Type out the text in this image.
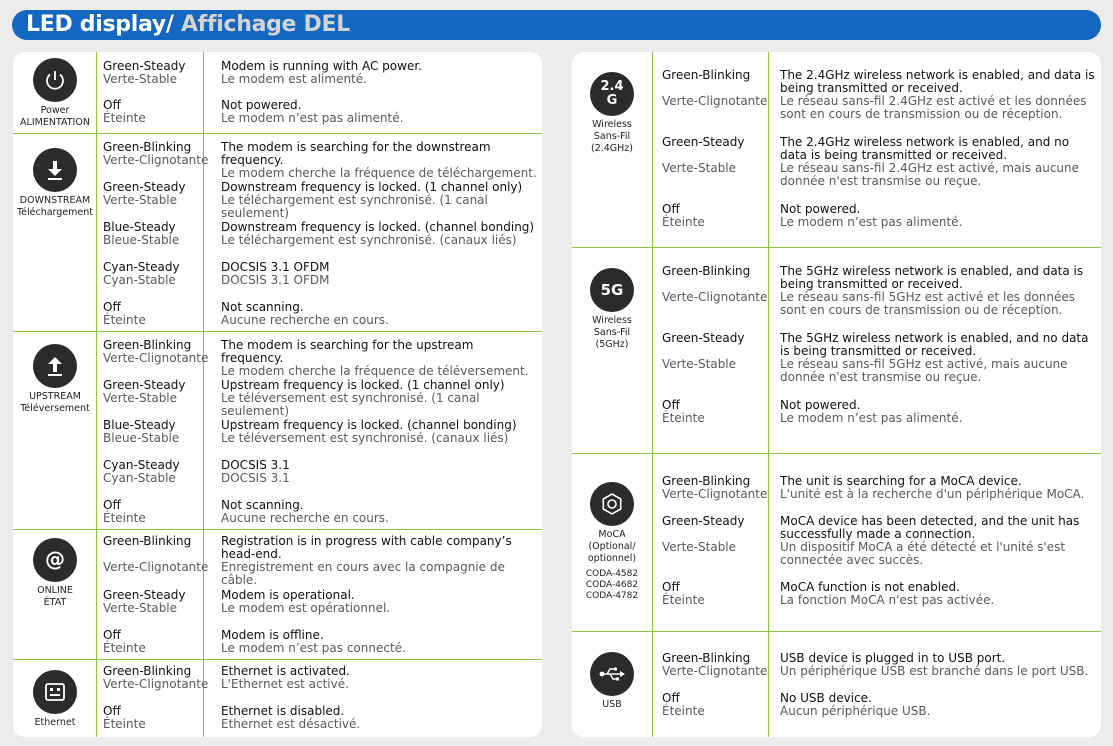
LED display/ Affichage DEL
Power
ALIMENTATION
Green-Steady
Verte-Stable
Modem is running with AC power.
Le modem est alimenté.
Off
Éteinte
Not powered.
Le modem n’est pas alimenté.
DOWNSTREAM
Téléchargement
Green-Blinking
Verte-Clignotante
The modem is searching for the downstream frequency.
Le modem cherche la fréquence de téléchargement.
Green-Steady
Verte-Stable
Downstream frequency is locked. (1 channel only)
Le téléchargement est synchronisé. (1 canal seulement)
Blue-Steady
Bleue-Stable
Downstream frequency is locked. (channel bonding)
Le téléchargement est synchronisé. (canaux liés)
Cyan-Steady
Cyan-Stable
DOCSIS 3.1 OFDM
DOCSIS 3.1 OFDM
Off
Éteinte
Not scanning.
Aucune recherche en cours.
UPSTREAM
Téléversement
Green-Blinking
Verte-Clignotante
The modem is searching for the upstream frequency.
Le modem cherche la fréquence de téléversement.
Green-Steady
Verte-Stable
Upstream frequency is locked. (1 channel only)
Le téléversement est synchronisé. (1 canal seulement)
Blue-Steady
Bleue-Stable
Upstream frequency is locked. (channel bonding)
Le téléversement est synchronisé. (canaux liés)
Cyan-Steady
Cyan-Stable
DOCSIS 3.1
DOCSIS 3.1
Off
Éteinte
Not scanning.
Aucune recherche en cours.
@
ONLINE
ÉTAT
Green-Blinking
Verte-Clignotante
Registration is in progress with cable company’s head-end.
Enregistrement en cours avec la compagnie de câble.
Green-Steady
Verte-Stable
Modem is operational.
Le modem est opérationnel.
Off
Éteinte
Modem is offline.
Le modem n’est pas connecté.
Ethernet
Green-Blinking
Verte-Clignotante
Ethernet is activated.
L'Ethernet est activé.
Off
Éteinte
Ethernet is disabled.
Ethernet est désactivé.
2.4
G
Wireless
Sans-Fil
(2.4GHz)
Green-Blinking
Verte-Clignotante
The 2.4GHz wireless network is enabled, and data is being transmitted or received.
Le réseau sans-fil 2.4GHz est activé et les données sont en cours de transmission ou de réception.
Green-Steady
Verte-Stable
The 2.4GHz wireless network is enabled, and no data is being transmitted or received.
Le réseau sans-fil 2.4GHz est activé, mais aucune donnée n'est transmise ou reçue.
Off
Éteinte
Not powered.
Le modem n’est pas alimenté.
5G
Wireless
Sans-Fil
(5GHz)
Green-Blinking
Verte-Clignotante
The 5GHz wireless network is enabled, and data is being transmitted or received.
Le réseau sans-fil 5GHz est activé et les données sont en cours de transmission ou de réception.
Green-Steady
Verte-Stable
The 5GHz wireless network is enabled, and no data is being transmitted or received.
Le réseau sans-fil 5GHz est activé, mais aucune donnée n'est transmise ou reçue.
Off
Éteinte
Not powered.
Le modem n’est pas alimenté.
MoCA
(Optional/
optionnel)
CODA-4582
CODA-4682
CODA-4782
Green-Blinking
Verte-Clignotante
The unit is searching for a MoCA device.
L'unité est à la recherche d'un périphérique MoCA.
Green-Steady
Verte-Stable
MoCA device has been detected, and the unit has successfully made a connection.
Un dispositif MoCA a été détecté et l'unité s'est connectée avec succès.
Off
Éteinte
MoCA function is not enabled.
La fonction MoCA n'est pas activée.
USB
Green-Blinking
Verte-Clignotante
USB device is plugged in to USB port.
Un périphérique USB est branché dans le port USB.
Off
Éteinte
No USB device.
Aucun périphérique USB.
